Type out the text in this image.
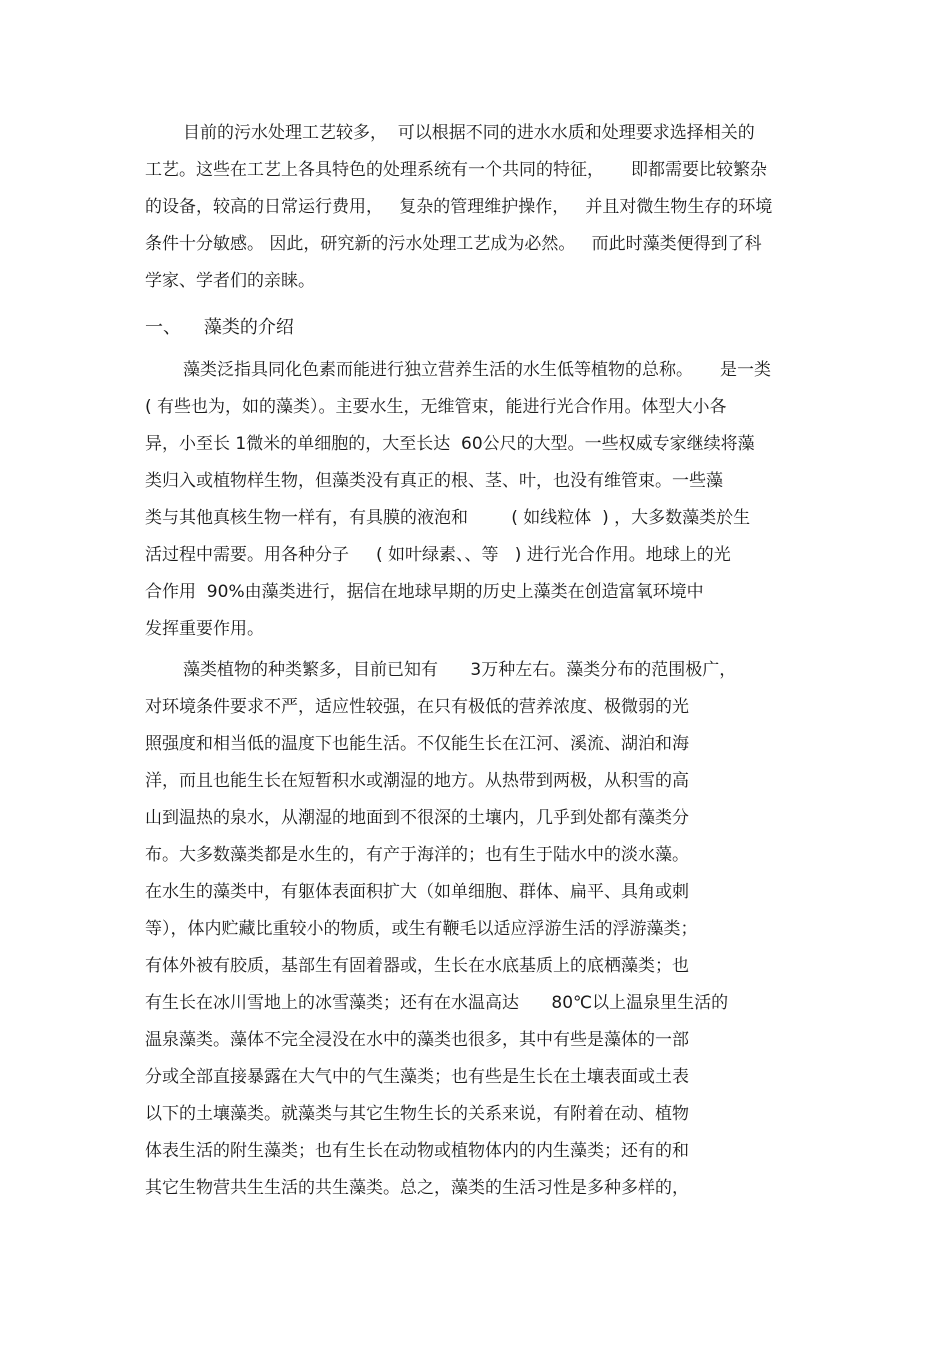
目前的污水处理工艺较多，  可以根据不同的进水水质和处理要求选择相关的
工艺。这些在工艺上各具特色的处理系统有一个共同的特征，     即都需要比较繁杂
的设备，较高的日常运行费用，   复杂的管理维护操作，   并且对微生物生存的环境
条件十分敏感。 因此，研究新的污水处理工艺成为必然。   而此时藻类便得到了科
学家、学者们的亲睐。
一、    藻类的介绍
藻类泛指具同化色素而能进行独立营养生活的水生低等植物的总称。     是一类
( 有些也为，如的藻类）。主要水生，无维管束，能进行光合作用。体型大小各
异，小至长 1微米的单细胞的，大至长达  60公尺的大型。一些权威专家继续将藻
类归入或植物样生物，但藻类没有真正的根、茎、叶，也没有维管束。一些藻
类与其他真核生物一样有，有具膜的液泡和        ( 如线粒体  ) ，大多数藻类於生
活过程中需要。用各种分子     ( 如叶绿素、、等   ) 进行光合作用。地球上的光
合作用  90%由藻类进行，据信在地球早期的历史上藻类在创造富氧环境中
发挥重要作用。
藻类植物的种类繁多，目前已知有      3万种左右。藻类分布的范围极广，
对环境条件要求不严，适应性较强，在只有极低的营养浓度、极微弱的光
照强度和相当低的温度下也能生活。不仅能生长在江河、溪流、湖泊和海
洋，而且也能生长在短暂积水或潮湿的地方。从热带到两极，从积雪的高
山到温热的泉水，从潮湿的地面到不很深的土壤内，几乎到处都有藻类分
布。大多数藻类都是水生的，有产于海洋的；也有生于陆水中的淡水藻。
在水生的藻类中，有躯体表面积扩大（如单细胞、群体、扁平、具角或刺
等），体内贮藏比重较小的物质，或生有鞭毛以适应浮游生活的浮游藻类；
有体外被有胶质，基部生有固着器或，生长在水底基质上的底栖藻类；也
有生长在冰川雪地上的冰雪藻类；还有在水温高达      80℃以上温泉里生活的
温泉藻类。藻体不完全浸没在水中的藻类也很多，其中有些是藻体的一部
分或全部直接暴露在大气中的气生藻类；也有些是生长在土壤表面或土表
以下的土壤藻类。就藻类与其它生物生长的关系来说，有附着在动、植物
体表生活的附生藻类；也有生长在动物或植物体内的内生藻类；还有的和
其它生物营共生生活的共生藻类。总之，藻类的生活习性是多种多样的，
